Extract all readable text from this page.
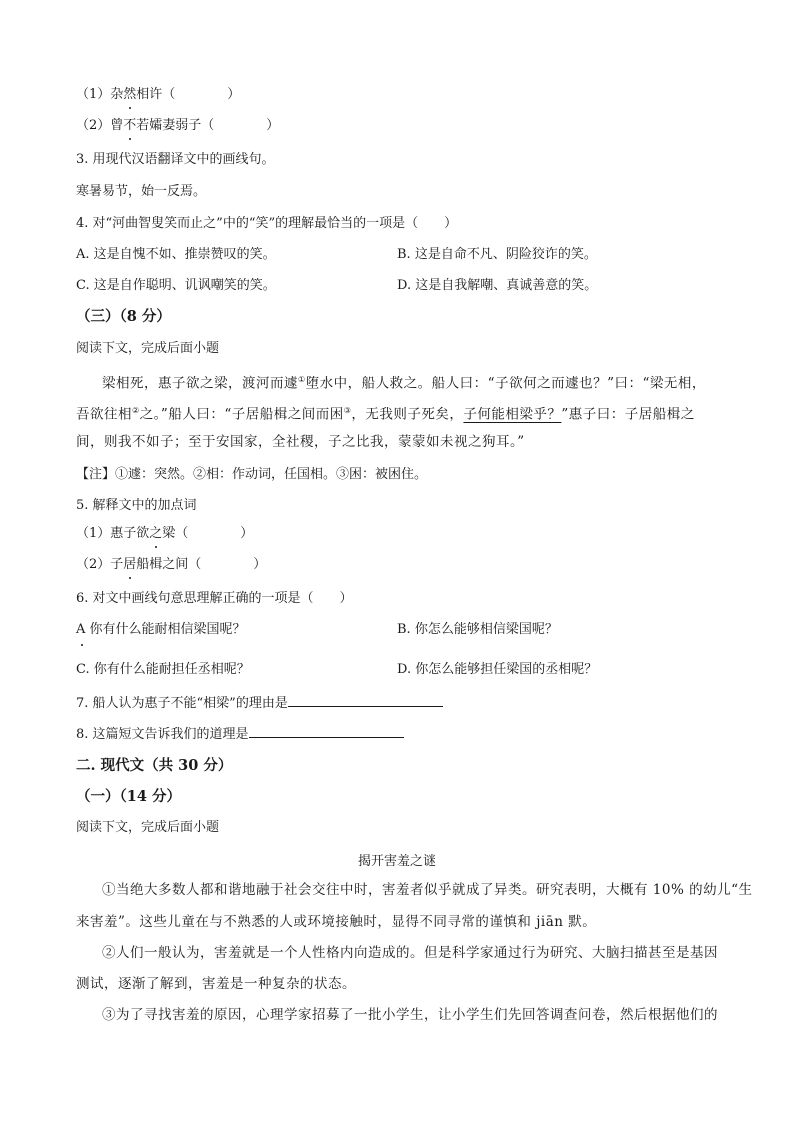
（1）杂然相许（　　　　）
（2）曾不若孀妻弱子（　　　　）
3. 用现代汉语翻译文中的画线句。
寒暑易节，始一反焉。
4. 对“河曲智叟笑而止之”中的“笑”的理解最恰当的一项是（　　）
A. 这是自愧不如、推崇赞叹的笑。	B. 这是自命不凡、阴险狡诈的笑。
C. 这是自作聪明、讥讽嘲笑的笑。	D. 这是自我解嘲、真诚善意的笑。
（三）（8 分）
阅读下文，完成后面小题
梁相死，惠子欲之梁，渡河而遽①堕水中，船人救之。船人曰：“子欲何之而遽也？”曰：“梁无相，
吾欲往相②之。”船人曰：“子居船楫之间而困③，无我则子死矣，子何能相梁乎？”惠子曰：子居船楫之
间，则我不如子；至于安国家，全社稷，子之比我，蒙蒙如未视之狗耳。”
【注】①遽：突然。②相：作动词，任国相。③困：被困住。
5. 解释文中的加点词
（1）惠子欲之梁（　　　　）
（2）子居船楫之间（　　　　）
6. 对文中画线句意思理解正确的一项是（　　）
A 你有什么能耐相信梁国呢？	B. 你怎么能够相信梁国呢？
C. 你有什么能耐担任丞相呢？	D. 你怎么能够担任梁国的丞相呢？
7. 船人认为惠子不能“相梁”的理由是
8. 这篇短文告诉我们的道理是
二. 现代文（共 30 分）
（一）（14 分）
阅读下文，完成后面小题
揭开害羞之谜
①当绝大多数人都和谐地融于社会交往中时，害羞者似乎就成了异类。研究表明，大概有 10% 的幼儿“生
来害羞”。这些儿童在与不熟悉的人或环境接触时，显得不同寻常的谨慎和 jiān 默。
②人们一般认为，害羞就是一个人性格内向造成的。但是科学家通过行为研究、大脑扫描甚至是基因
测试，逐渐了解到，害羞是一种复杂的状态。
③为了寻找害羞的原因，心理学家招募了一批小学生，让小学生们先回答调查问卷，然后根据他们的
